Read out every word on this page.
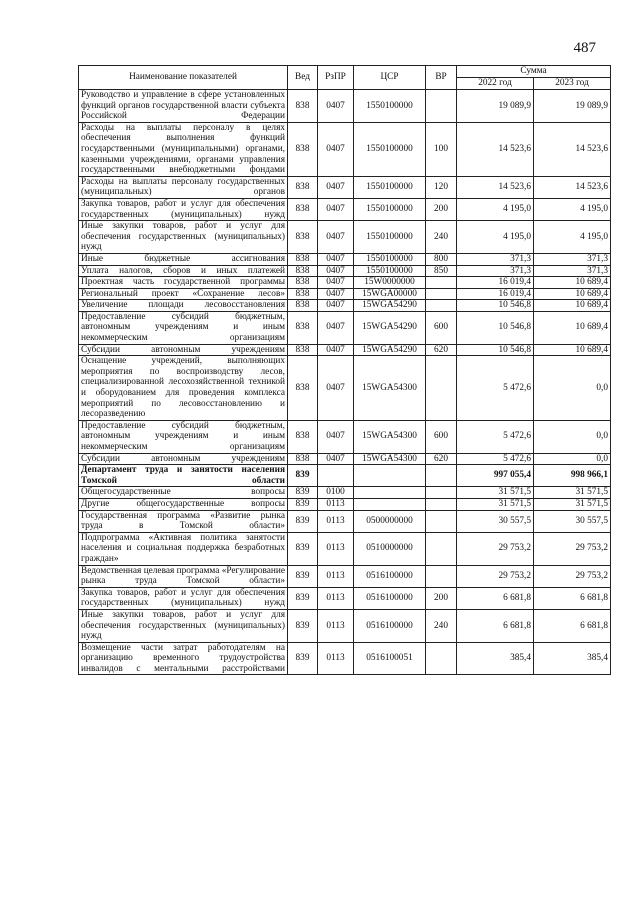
487
Наименование показателей	Вед	РзПР	ЦСР	ВР	Сумма	
					2022 год	2023 год
Руководство и управление в сфере установленных функций органов государственной власти субъекта Российской Федерации	838	0407	1550100000		19 089,9	19 089,9
Расходы на выплаты персоналу в целях обеспечения выполнения функций государственными (муниципальными) органами, казенными учреждениями, органами управления государственными внебюджетными фондами	838	0407	1550100000	100	14 523,6	14 523,6
Расходы на выплаты персоналу государственных (муниципальных) органов	838	0407	1550100000	120	14 523,6	14 523,6
Закупка товаров, работ и услуг для обеспечения государственных (муниципальных) нужд	838	0407	1550100000	200	4 195,0	4 195,0
Иные закупки товаров, работ и услуг для обеспечения государственных (муниципальных) нужд	838	0407	1550100000	240	4 195,0	4 195,0
Иные бюджетные ассигнования	838	0407	1550100000	800	371,3	371,3
Уплата налогов, сборов и иных платежей	838	0407	1550100000	850	371,3	371,3
Проектная часть государственной программы	838	0407	15W0000000		16 019,4	10 689,4
Региональный проект «Сохранение лесов»	838	0407	15WGA00000		16 019,4	10 689,4
Увеличение площади лесовосстановления	838	0407	15WGA54290		10 546,8	10 689,4
Предоставление субсидий бюджетным, автономным учреждениям и иным некоммерческим организациям	838	0407	15WGA54290	600	10 546,8	10 689,4
Субсидии автономным учреждениям	838	0407	15WGA54290	620	10 546,8	10 689,4
Оснащение учреждений, выполняющих мероприятия по воспроизводству лесов, специализированной лесохозяйственной техникой и оборудованием для проведения комплекса мероприятий по лесовосстановлению и лесоразведению	838	0407	15WGA54300		5 472,6	0,0
Предоставление субсидий бюджетным, автономным учреждениям и иным некоммерческим организациям	838	0407	15WGA54300	600	5 472,6	0,0
Субсидии автономным учреждениям	838	0407	15WGA54300	620	5 472,6	0,0
Департамент труда и занятости населения Томской области	839				997 055,4	998 966,1
Общегосударственные вопросы	839	0100			31 571,5	31 571,5
Другие общегосударственные вопросы	839	0113			31 571,5	31 571,5
Государственная программа «Развитие рынка труда в Томской области»	839	0113	0500000000		30 557,5	30 557,5
Подпрограмма «Активная политика занятости населения и социальная поддержка безработных граждан»	839	0113	0510000000		29 753,2	29 753,2
Ведомственная целевая программа «Регулирование рынка труда Томской области»	839	0113	0516100000		29 753,2	29 753,2
Закупка товаров, работ и услуг для обеспечения государственных (муниципальных) нужд	839	0113	0516100000	200	6 681,8	6 681,8
Иные закупки товаров, работ и услуг для обеспечения государственных (муниципальных) нужд	839	0113	0516100000	240	6 681,8	6 681,8
Возмещение части затрат работодателям на организацию временного трудоустройства инвалидов с ментальными расстройствами	839	0113	0516100051		385,4	385,4
